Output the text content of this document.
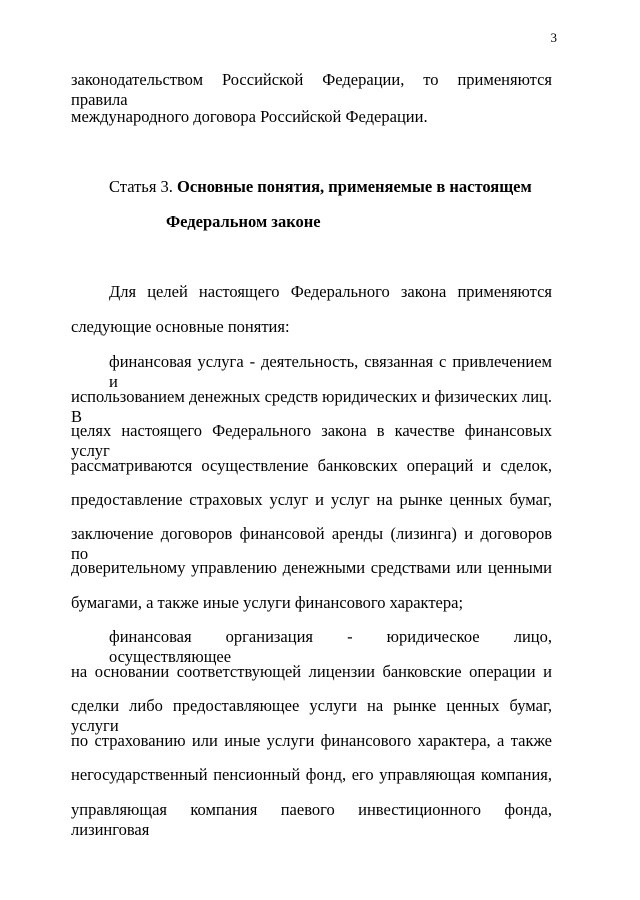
3
законодательством Российской Федерации, то применяются правила
международного договора Российской Федерации.
Статья 3. Основные понятия, применяемые в настоящем
Федеральном законе
Для целей настоящего Федерального закона применяются
следующие основные понятия:
финансовая услуга - деятельность, связанная с привлечением и
использованием денежных средств юридических и физических лиц. В
целях настоящего Федерального закона в качестве финансовых услуг
рассматриваются осуществление банковских операций и сделок,
предоставление страховых услуг и услуг на рынке ценных бумаг,
заключение договоров финансовой аренды (лизинга) и договоров по
доверительному управлению денежными средствами или ценными
бумагами, а также иные услуги финансового характера;
финансовая организация - юридическое лицо, осуществляющее
на основании соответствующей лицензии банковские операции и
сделки либо предоставляющее услуги на рынке ценных бумаг, услуги
по страхованию или иные услуги финансового характера, а также
негосударственный пенсионный фонд, его управляющая компания,
управляющая компания паевого инвестиционного фонда, лизинговая
